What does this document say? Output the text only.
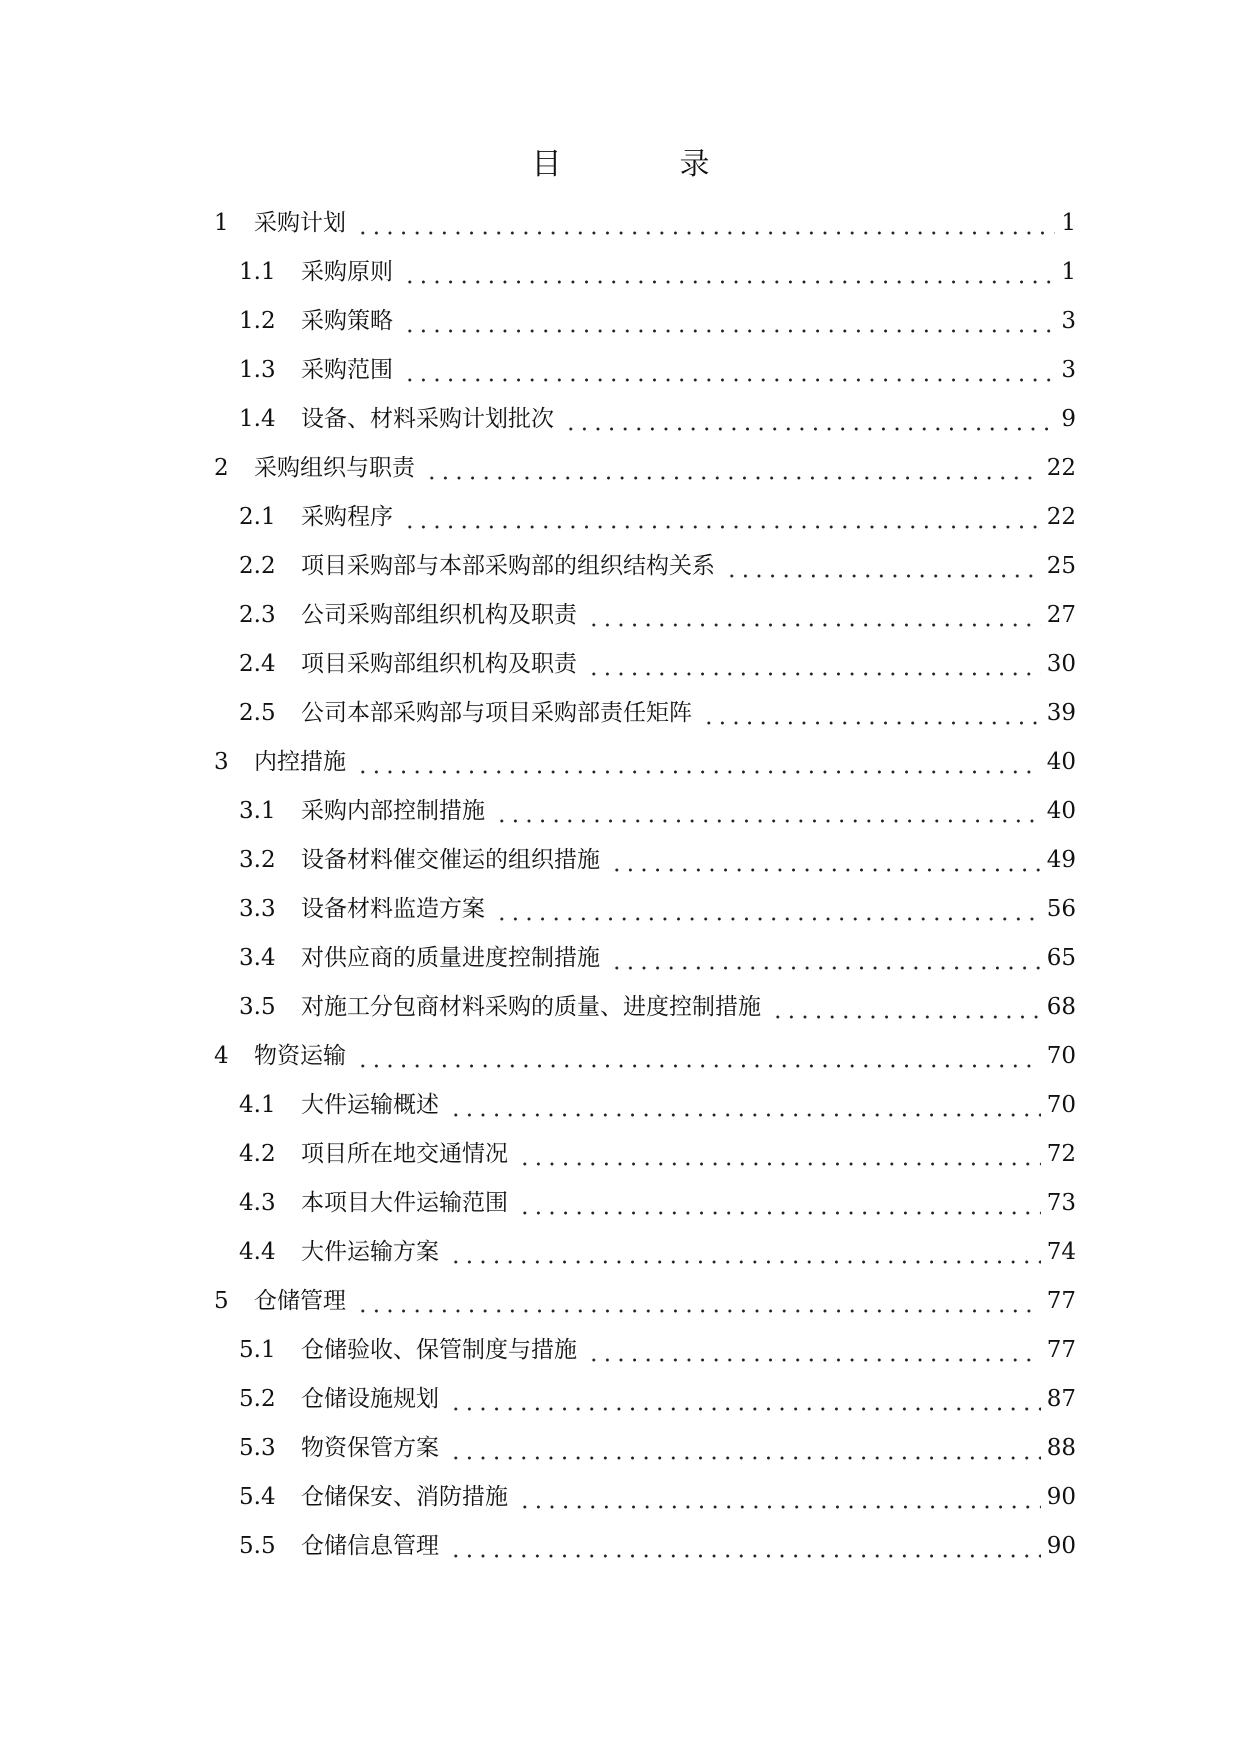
目　录
1	采购计划	1
1.1	采购原则	1
1.2	采购策略	3
1.3	采购范围	3
1.4	设备、材料采购计划批次	9
2	采购组织与职责	22
2.1	采购程序	22
2.2	项目采购部与本部采购部的组织结构关系	25
2.3	公司采购部组织机构及职责	27
2.4	项目采购部组织机构及职责	30
2.5	公司本部采购部与项目采购部责任矩阵	39
3	内控措施	40
3.1	采购内部控制措施	40
3.2	设备材料催交催运的组织措施	49
3.3	设备材料监造方案	56
3.4	对供应商的质量进度控制措施	65
3.5	对施工分包商材料采购的质量、进度控制措施	68
4	物资运输	70
4.1	大件运输概述	70
4.2	项目所在地交通情况	72
4.3	本项目大件运输范围	73
4.4	大件运输方案	74
5	仓储管理	77
5.1	仓储验收、保管制度与措施	77
5.2	仓储设施规划	87
5.3	物资保管方案	88
5.4	仓储保安、消防措施	90
5.5	仓储信息管理	90
